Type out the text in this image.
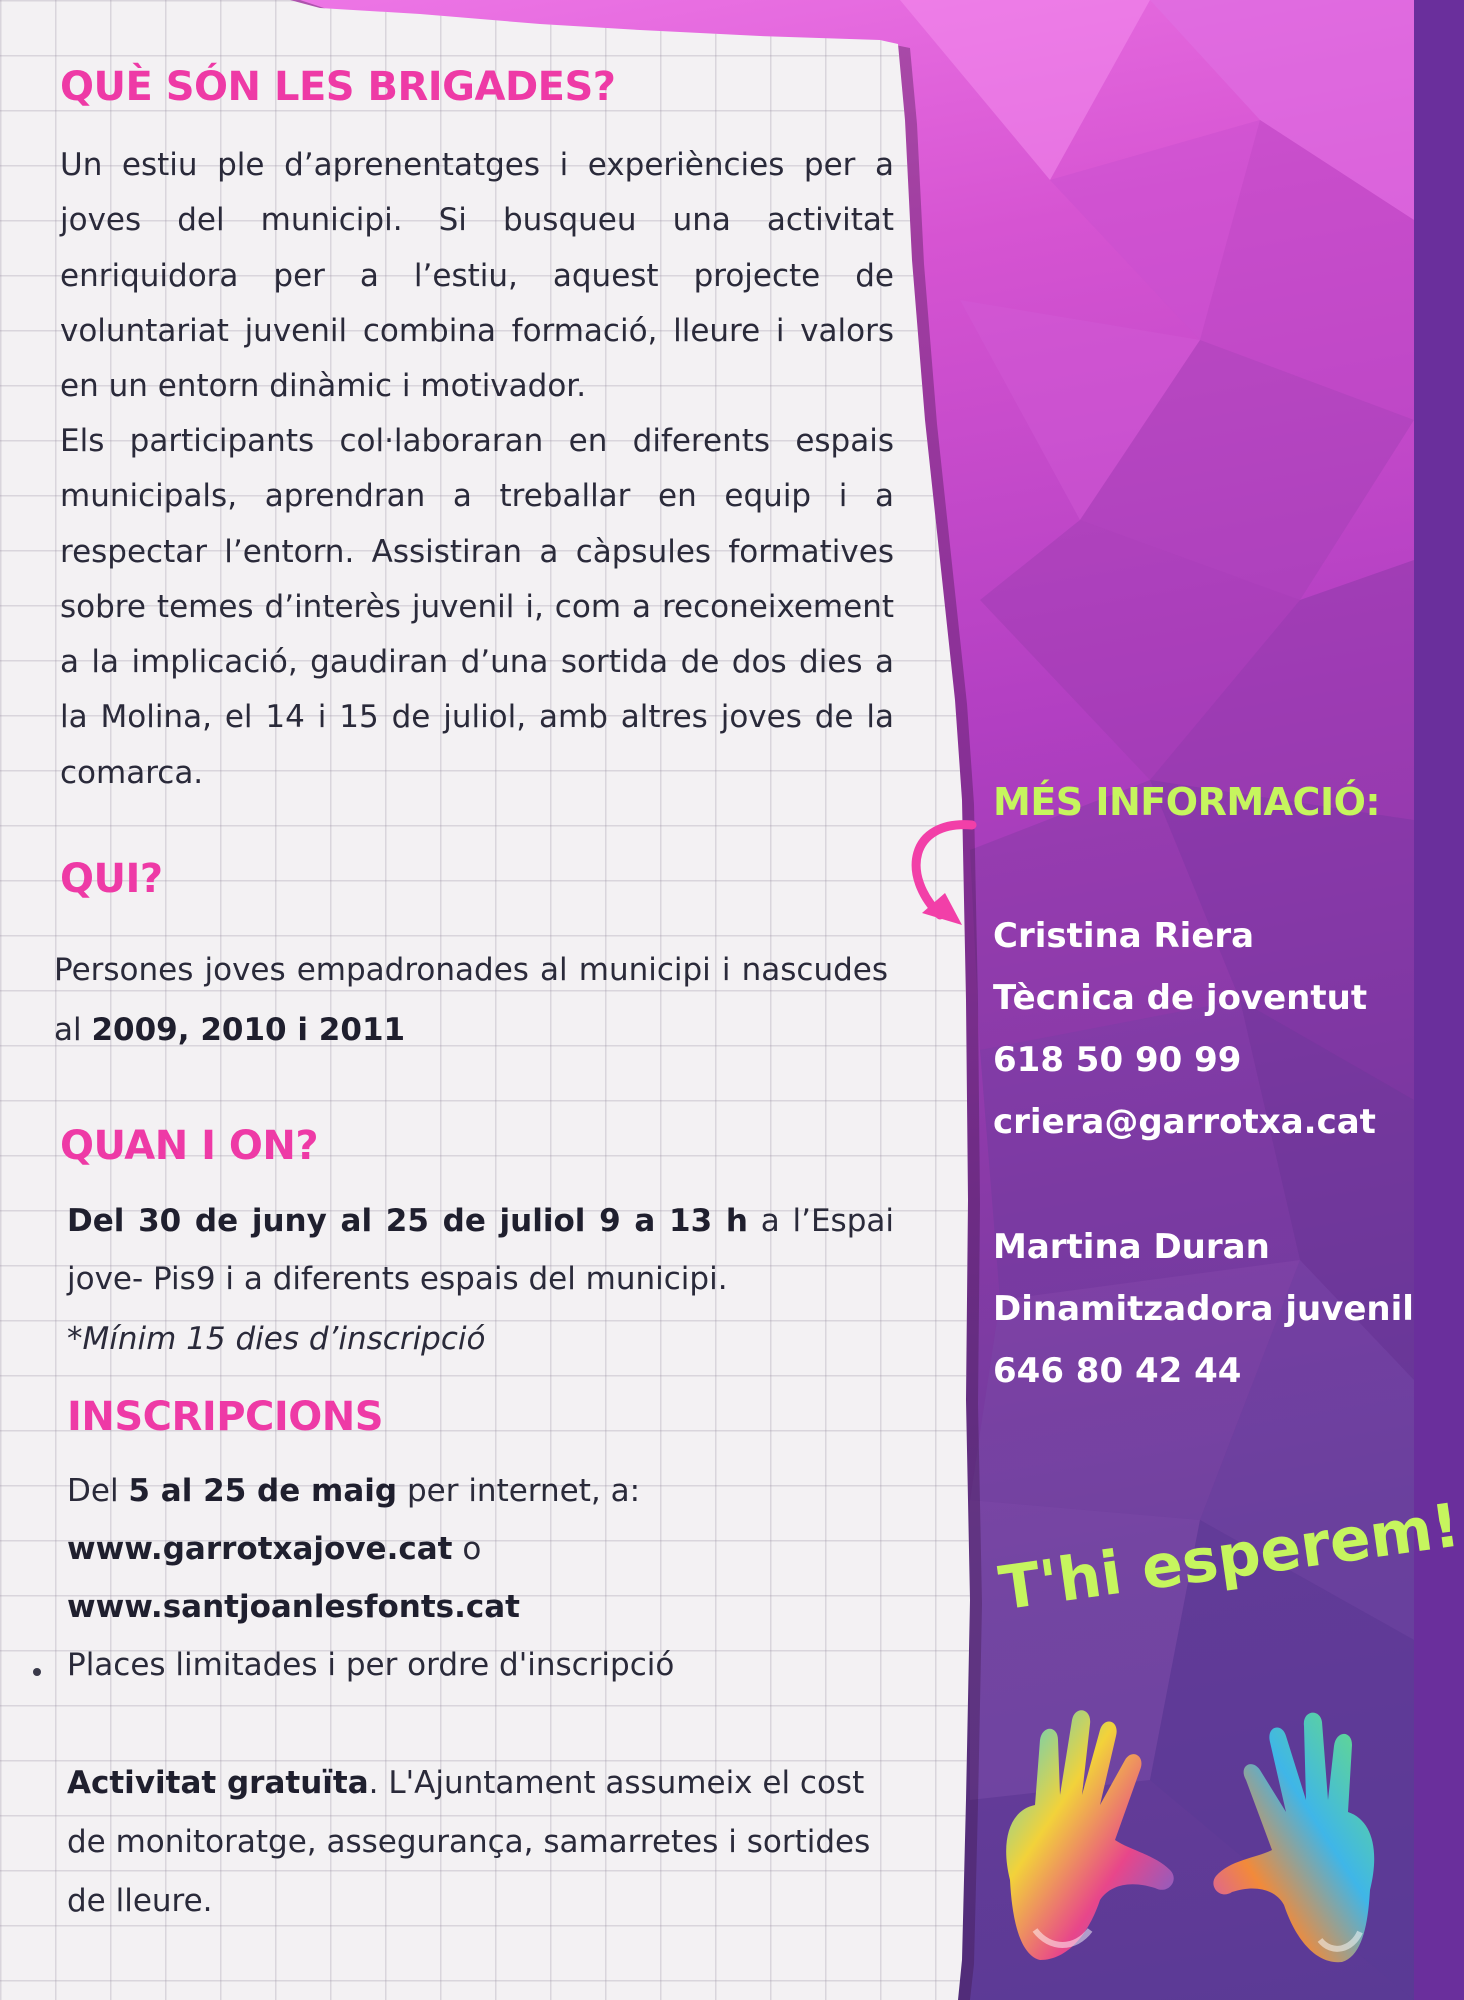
QUÈ SÓN LES BRIGADES?

Un estiu ple d’aprenentatges i experiències per a joves del municipi. Si busqueu una activitat enriquidora per a l’estiu, aquest projecte de voluntariat juvenil combina formació, lleure i valors en un entorn dinàmic i motivador.

Els participants col·laboraran en diferents espais municipals, aprendran a treballar en equip i a respectar l’entorn. Assistiran a càpsules formatives sobre temes d’interès juvenil i, com a reconeixement a la implicació, gaudiran d’una sortida de dos dies a la Molina, el 14 i 15 de juliol, amb altres joves de la comarca.

QUI?

Persones joves empadronades al municipi i nascudes al 2009, 2010 i 2011

QUAN I ON?

Del 30 de juny al 25 de juliol 9 a 13 h a l’Espai jove- Pis9 i a diferents espais del municipi.

*Mínim 15 dies d’inscripció

INSCRIPCIONS

Del 5 al 25 de maig per internet, a:

www.garrotxajove.cat o

www.santjoanlesfonts.cat

Places limitades i per ordre d'inscripció

Activitat gratuïta. L'Ajuntament assumeix el cost de monitoratge, assegurança, samarretes i sortides de lleure.

MÉS INFORMACIÓ:
Cristina Riera
Tècnica de joventut
618 50 90 99
criera@garrotxa.cat
Martina Duran
Dinamitzadora juvenil
646 80 42 44
T'hi esperem!
